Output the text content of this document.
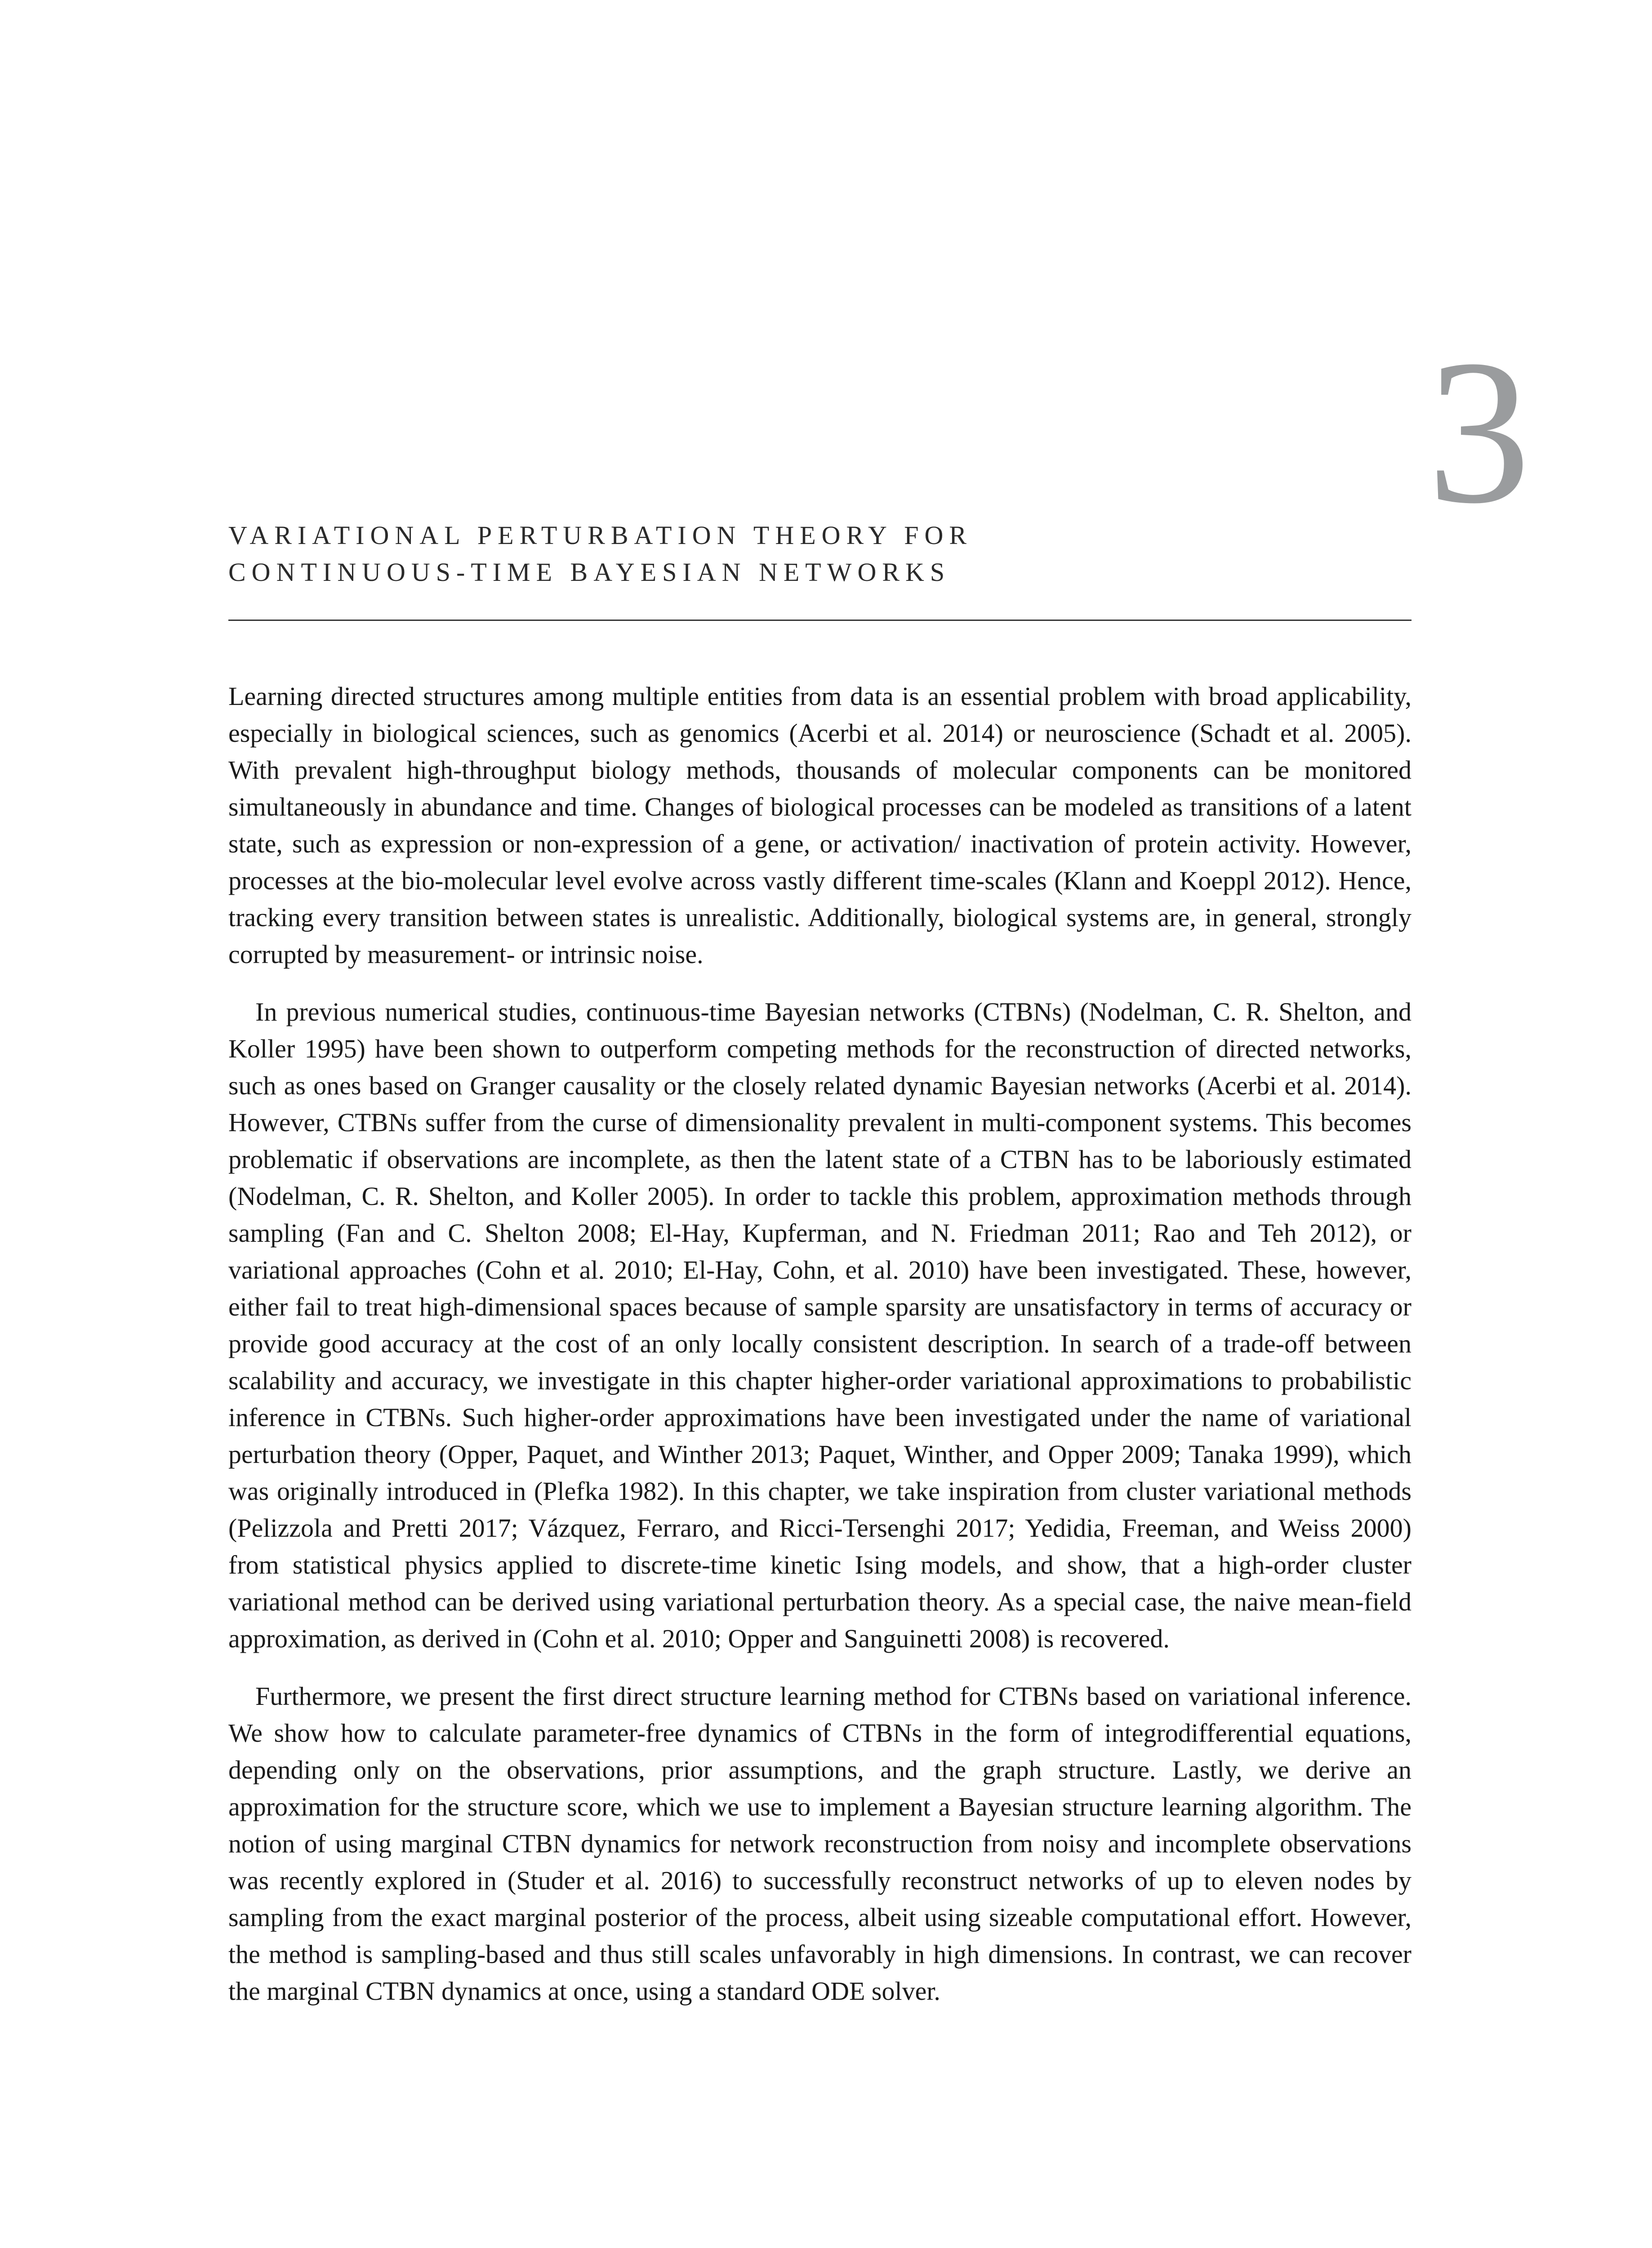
3
VARIATIONAL PERTURBATION THEORY FOR
CONTINUOUS-TIME BAYESIAN NETWORKS

Learning directed structures among multiple entities from data is an essential problem with broad applicability, especially in biological sciences, such as genomics (Acerbi et al. 2014) or neuroscience (Schadt et al. 2005). With prevalent high-throughput biology methods, thousands of molecular components can be monitored simultaneously in abundance and time. Changes of biological processes can be modeled as transitions of a latent state, such as expression or non-expression of a gene, or activation/ inactivation of protein activity. However, processes at the bio-molecular level evolve across vastly different time-scales (Klann and Koeppl 2012). Hence, tracking every transition between states is unrealistic. Additionally, biological systems are, in general, strongly corrupted by measurement- or intrinsic noise.

In previous numerical studies, continuous-time Bayesian networks (CTBNs) (Nodelman, C. R. Shelton, and Koller 1995) have been shown to outperform competing methods for the reconstruction of directed networks, such as ones based on Granger causality or the closely related dynamic Bayesian networks (Acerbi et al. 2014). However, CTBNs suffer from the curse of dimensionality prevalent in multi-component systems. This becomes problematic if observations are incomplete, as then the latent state of a CTBN has to be laboriously estimated (Nodelman, C. R. Shelton, and Koller 2005). In order to tackle this problem, approximation methods through sampling (Fan and C. Shelton 2008; El-Hay, Kupferman, and N. Friedman 2011; Rao and Teh 2012), or variational approaches (Cohn et al. 2010; El-Hay, Cohn, et al. 2010) have been investigated. These, however, either fail to treat high-dimensional spaces because of sample sparsity are unsatisfactory in terms of accuracy or provide good accuracy at the cost of an only locally consistent description. In search of a trade-off between scalability and accuracy, we investigate in this chapter higher-order variational approximations to probabilistic inference in CTBNs. Such higher-order approximations have been investigated under the name of variational perturbation theory (Opper, Paquet, and Winther 2013; Paquet, Winther, and Opper 2009; Tanaka 1999), which was originally introduced in (Plefka 1982). In this chapter, we take inspiration from cluster variational methods (Pelizzola and Pretti 2017; Vázquez, Ferraro, and Ricci-Tersenghi 2017; Yedidia, Freeman, and Weiss 2000) from statistical physics applied to discrete-time kinetic Ising models, and show, that a high-order cluster variational method can be derived using variational perturbation theory. As a special case, the naive mean-field approximation, as derived in (Cohn et al. 2010; Opper and Sanguinetti 2008) is recovered.

Furthermore, we present the first direct structure learning method for CTBNs based on variational inference. We show how to calculate parameter-free dynamics of CTBNs in the form of integrodifferential equations, depending only on the observations, prior assumptions, and the graph structure. Lastly, we derive an approximation for the structure score, which we use to implement a Bayesian structure learning algorithm. The notion of using marginal CTBN dynamics for network reconstruction from noisy and incomplete observations was recently explored in (Studer et al. 2016) to successfully reconstruct networks of up to eleven nodes by sampling from the exact marginal posterior of the process, albeit using sizeable computational effort. However, the method is sampling-based and thus still scales unfavorably in high dimensions. In contrast, we can recover the marginal CTBN dynamics at once, using a standard ODE solver.
